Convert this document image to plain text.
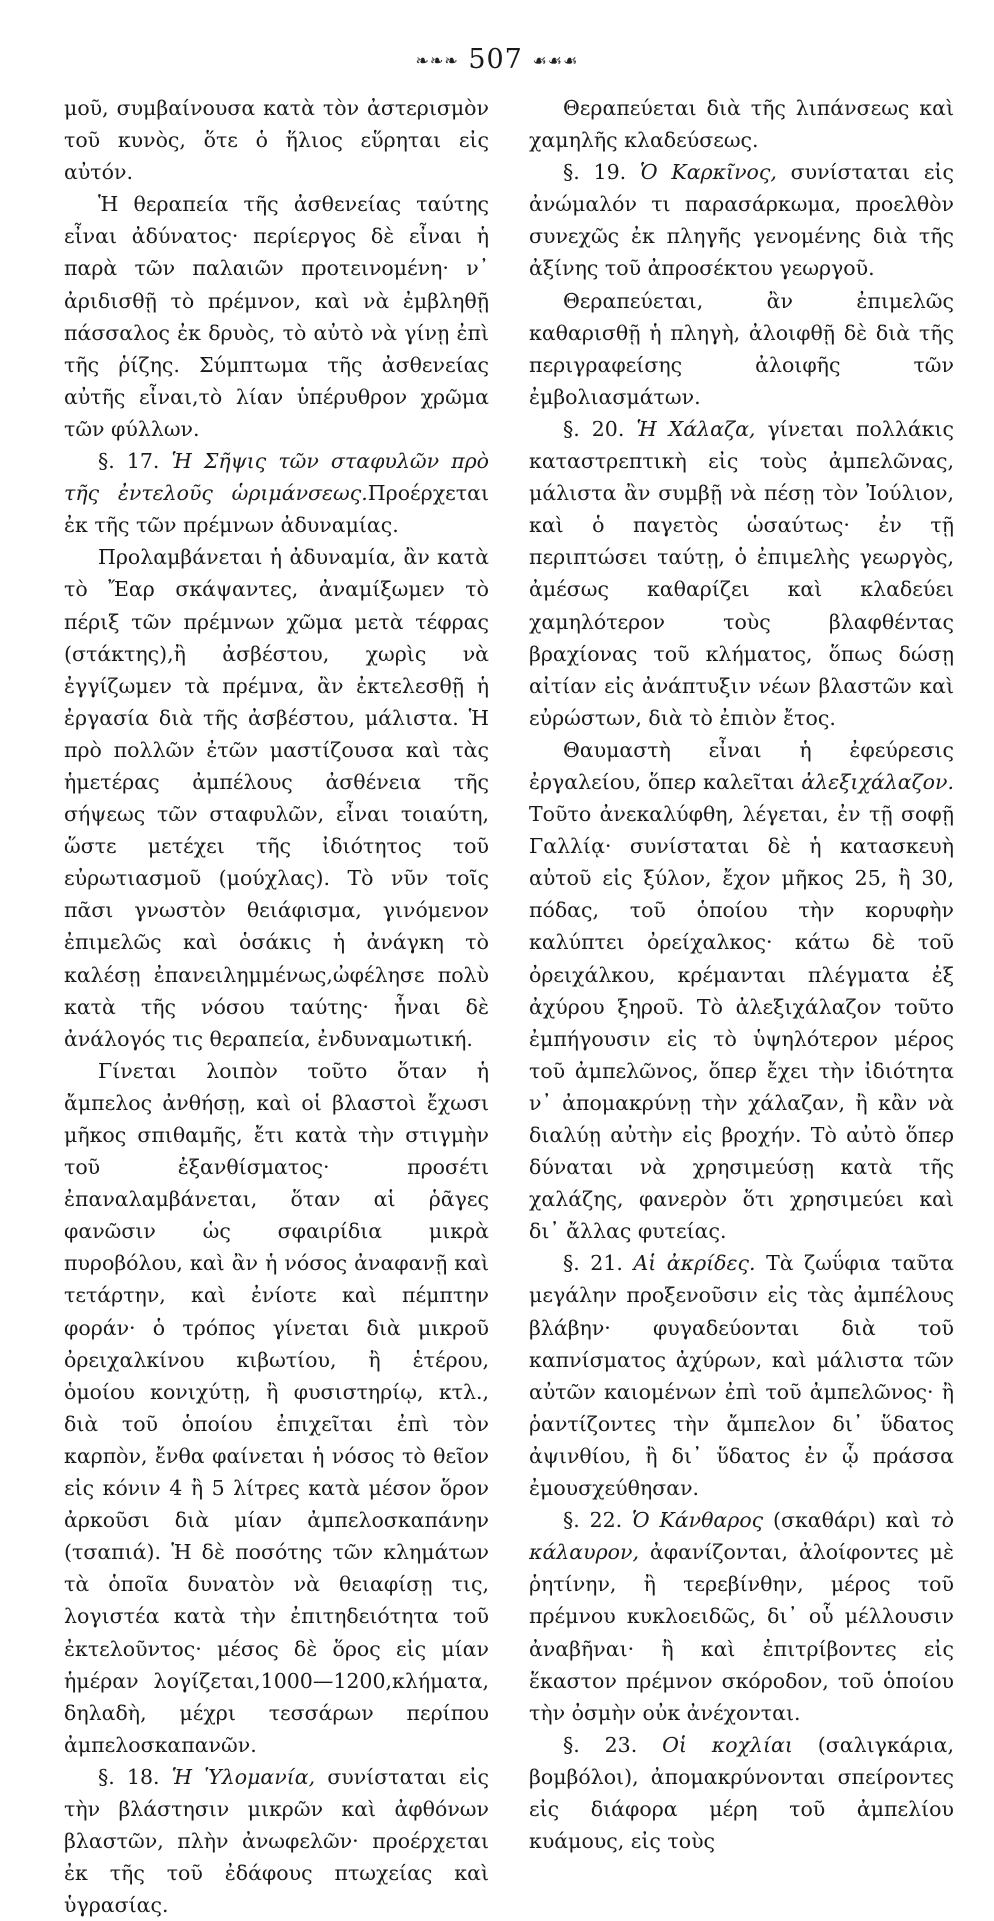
❧❧❧ 507 ☙☙☙

μοῦ, συμβαίνουσα κατὰ τὸν ἀστερισμὸν τοῦ κυνὸς, ὅτε ὁ ἥλιος εὕρηται εἰς αὐτόν.

Ἡ θεραπεία τῆς ἀσθενείας ταύτης εἶναι ἀδύνατος· περίεργος δὲ εἶναι ἡ παρὰ τῶν παλαιῶν προτεινομένη· ν᾽ ἀριδισθῇ τὸ πρέμνον, καὶ νὰ ἐμβληθῇ πάσσαλος ἐκ δρυὸς, τὸ αὐτὸ νὰ γίνῃ ἐπὶ τῆς ῥίζης. Σύμπτωμα τῆς ἀσθενείας αὐτῆς εἶναι,τὸ λίαν ὑπέρυθρον χρῶμα τῶν φύλλων.

§. 17. Ἡ Σῆψις τῶν σταφυλῶν πρὸ τῆς ἐντελοῦς ὡριμάνσεως.Προέρχεται ἐκ τῆς τῶν πρέμνων ἀδυναμίας.

Προλαμβάνεται ἡ ἀδυναμία, ἂν κατὰ τὸ Ἔαρ σκάψαντες, ἀναμίξωμεν τὸ πέριξ τῶν πρέμνων χῶμα μετὰ τέφρας (στάκτης),ἢ ἀσβέστου, χωρὶς νὰ ἐγγίζωμεν τὰ πρέμνα, ἂν ἐκτελεσθῇ ἡ ἐργασία διὰ τῆς ἀσβέστου, μάλιστα. Ἡ πρὸ πολλῶν ἐτῶν μαστίζουσα καὶ τὰς ἡμετέρας ἀμπέλους ἀσθένεια τῆς σήψεως τῶν σταφυλῶν, εἶναι τοιαύτη, ὥστε μετέχει τῆς ἰδιότητος τοῦ εὐρωτιασμοῦ (μούχλας). Τὸ νῦν τοῖς πᾶσι γνωστὸν θειάφισμα, γινόμενον ἐπιμελῶς καὶ ὁσάκις ἡ ἀνάγκη τὸ καλέσῃ ἐπανειλημμένως,ὠφέλησε πολὺ κατὰ τῆς νόσου ταύτης· ἦναι δὲ ἀνάλογός τις θεραπεία, ἐνδυναμωτική.

Γίνεται λοιπὸν τοῦτο ὅταν ἡ ἄμπελος ἀνθήσῃ, καὶ οἱ βλαστοὶ ἔχωσι μῆκος σπιθαμῆς, ἔτι κατὰ τὴν στιγμὴν τοῦ ἐξανθίσματος· προσέτι ἐπαναλαμβάνεται, ὅταν αἱ ῥᾶγες φανῶσιν ὡς σφαιρίδια μικρὰ πυροβόλου, καὶ ἂν ἡ νόσος ἀναφανῇ καὶ τετάρτην, καὶ ἐνίοτε καὶ πέμπτην φοράν· ὁ τρόπος γίνεται διὰ μικροῦ ὀρειχαλκίνου κιβωτίου, ἢ ἑτέρου, ὁμοίου κονιχύτῃ, ἢ φυσιστηρίῳ, κτλ., διὰ τοῦ ὁποίου ἐπιχεῖται ἐπὶ τὸν καρπὸν, ἔνθα φαίνεται ἡ νόσος τὸ θεῖον εἰς κόνιν 4 ἢ 5 λίτρες κατὰ μέσον ὅρον ἀρκοῦσι διὰ μίαν ἀμπελοσκαπάνην (τσαπιά). Ἡ δὲ ποσότης τῶν κλημάτων τὰ ὁποῖα δυνατὸν νὰ θειαφίσῃ τις, λογιστέα κατὰ τὴν ἐπιτηδειότητα τοῦ ἐκτελοῦντος· μέσος δὲ ὅρος εἰς μίαν ἡμέραν λογίζεται,1000—1200,κλήματα, δηλαδὴ, μέχρι τεσσάρων περίπου ἀμπελοσκαπανῶν.

§. 18. Ἡ Ὑλομανία, συνίσταται εἰς τὴν βλάστησιν μικρῶν καὶ ἀφθόνων βλαστῶν, πλὴν ἀνωφελῶν· προέρχεται ἐκ τῆς τοῦ ἐδάφους πτωχείας καὶ ὑγρασίας.

Θεραπεύεται διὰ τῆς λιπάνσεως καὶ χαμηλῆς κλαδεύσεως.

§. 19. Ὁ Καρκῖνος, συνίσταται εἰς ἀνώμαλόν τι παρασάρκωμα, προελθὸν συνεχῶς ἐκ πληγῆς γενομένης διὰ τῆς ἀξίνης τοῦ ἀπροσέκτου γεωργοῦ.

Θεραπεύεται, ἂν ἐπιμελῶς καθαρισθῇ ἡ πληγὴ, ἀλοιφθῇ δὲ διὰ τῆς περιγραφείσης ἀλοιφῆς τῶν ἐμβολιασμάτων.

§. 20. Ἡ Χάλαζα, γίνεται πολλάκις καταστρεπτικὴ εἰς τοὺς ἀμπελῶνας, μάλιστα ἂν συμβῇ νὰ πέσῃ τὸν Ἰούλιον, καὶ ὁ παγετὸς ὡσαύτως· ἐν τῇ περιπτώσει ταύτῃ, ὁ ἐπιμελὴς γεωργὸς, ἀμέσως καθαρίζει καὶ κλαδεύει χαμηλότερον τοὺς βλαφθέντας βραχίονας τοῦ κλήματος, ὅπως δώσῃ αἰτίαν εἰς ἀνάπτυξιν νέων βλαστῶν καὶ εὐρώστων, διὰ τὸ ἐπιὸν ἔτος.

Θαυμαστὴ εἶναι ἡ ἐφεύρεσις ἐργαλείου, ὅπερ καλεῖται ἀλεξιχάλαζον. Τοῦτο ἀνεκαλύφθη, λέγεται, ἐν τῇ σοφῇ Γαλλίᾳ· συνίσταται δὲ ἡ κατασκευὴ αὐτοῦ εἰς ξύλον, ἔχον μῆκος 25, ἢ 30, πόδας, τοῦ ὁποίου τὴν κορυφὴν καλύπτει ὀρείχαλκος· κάτω δὲ τοῦ ὀρειχάλκου, κρέμανται πλέγματα ἐξ ἀχύρου ξηροῦ. Τὸ ἀλεξιχάλαζον τοῦτο ἐμπήγουσιν εἰς τὸ ὑψηλότερον μέρος τοῦ ἀμπελῶνος, ὅπερ ἔχει τὴν ἰδιότητα ν᾽ ἀπομακρύνῃ τὴν χάλαζαν, ἢ κἂν νὰ διαλύῃ αὐτὴν εἰς βροχήν. Τὸ αὐτὸ ὅπερ δύναται νὰ χρησιμεύσῃ κατὰ τῆς χαλάζης, φανερὸν ὅτι χρησιμεύει καὶ δι᾽ ἄλλας φυτείας.

§. 21. Αἱ ἀκρίδες. Τὰ ζωΰφια ταῦτα μεγάλην προξενοῦσιν εἰς τὰς ἀμπέλους βλάβην· φυγαδεύονται διὰ τοῦ καπνίσματος ἀχύρων, καὶ μάλιστα τῶν αὐτῶν καιομένων ἐπὶ τοῦ ἀμπελῶνος· ἢ ῥαντίζοντες τὴν ἄμπελον δι᾽ ὕδατος ἀψινθίου, ἢ δι᾽ ὕδατος ἐν ᾧ πράσσα ἐμουσχεύθησαν.

§. 22. Ὁ Κάνθαρος (σκαθάρι) καὶ τὸ κάλαυρον, ἀφανίζονται, ἀλοίφοντες μὲ ῥητίνην, ἢ τερεβίνθην, μέρος τοῦ πρέμνου κυκλοειδῶς, δι᾽ οὗ μέλλουσιν ἀναβῆναι· ἢ καὶ ἐπιτρίβοντες εἰς ἕκαστον πρέμνον σκόροδον, τοῦ ὁποίου τὴν ὀσμὴν οὐκ ἀνέχονται.

§. 23. Οἱ κοχλίαι (σαλιγκάρια, βομβόλοι), ἀπομακρύνονται σπείροντες εἰς διάφορα μέρη τοῦ ἀμπελίου κυάμους, εἰς τοὺς
